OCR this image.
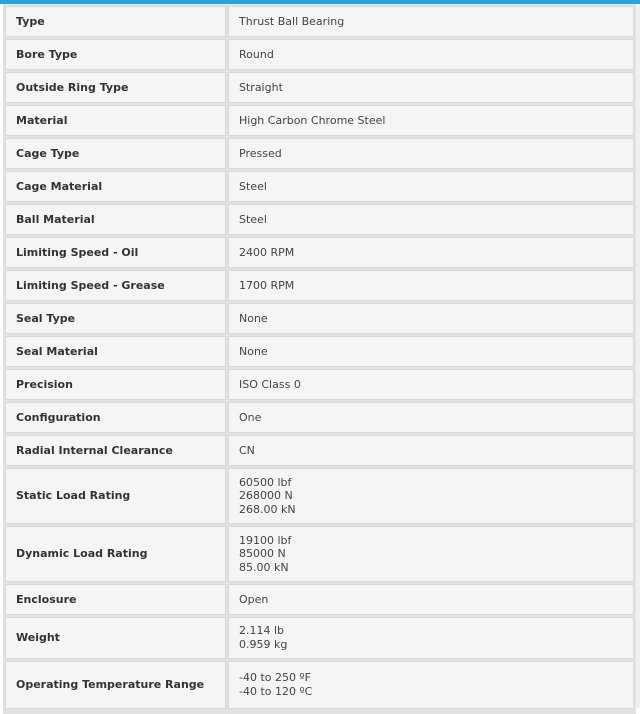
Type	Thrust Ball Bearing

Bore Type	Round

Outside Ring Type	Straight

Material	High Carbon Chrome Steel

Cage Type	Pressed

Cage Material	Steel

Ball Material	Steel

Limiting Speed - Oil	2400 RPM

Limiting Speed - Grease	1700 RPM

Seal Type	None

Seal Material	None

Precision	ISO Class 0

Configuration	One

Radial Internal Clearance	CN

Static Load Rating	60500 lbf
268000 N
268.00 kN

Dynamic Load Rating	19100 lbf
85000 N
85.00 kN

Enclosure	Open

Weight	2.114 lb
0.959 kg

Operating Temperature Range	-40 to 250 ºF
-40 to 120 ºC
